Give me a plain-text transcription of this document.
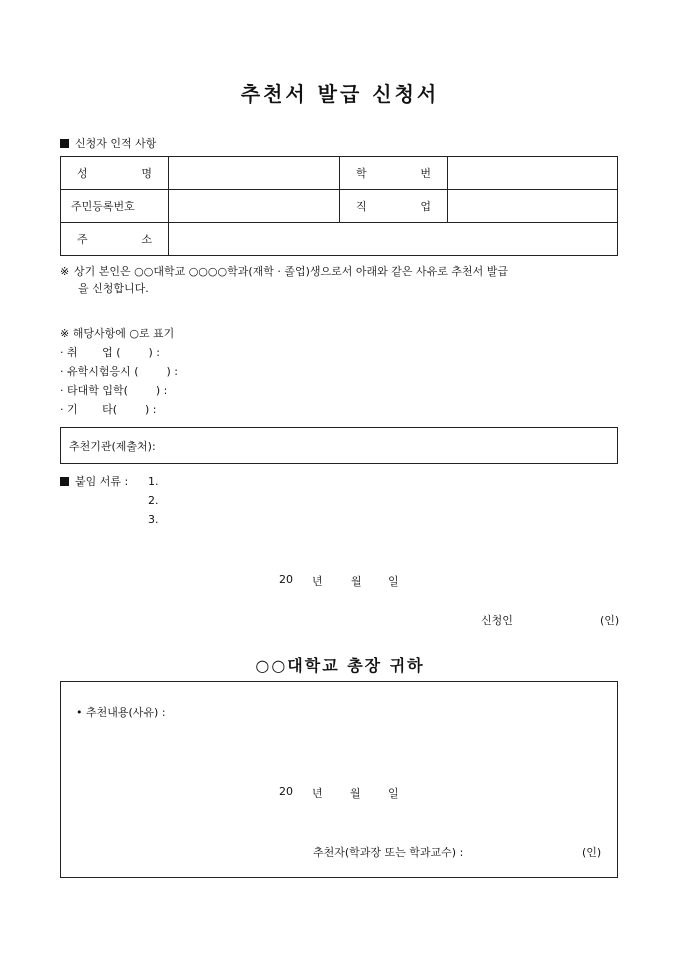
추천서 발급 신청서
신청자 인적 사항
성 명		학 번	

주민등록번호		직 업	

주 소			

※ 상기 본인은 ○○대학교 ○○○○학과(재학 · 졸업)생으로서 아래와 같은 사유로 추천서 발급
을 신청합니다.
※ 해당사항에 ○로 표기
· 취       업 (        ) :
· 유학시험응시 (        ) :
· 타대학 입학(        ) :
· 기       타(        ) :
추천기관(제출처):
붙임 서류 : 1.
2.
3.
20 년	월 일
신청인	(인)
○○대학교 총장 귀하
• 추천내용(사유) :
20 년 월 일
추천자(학과장 또는 학과교수) :	(인)
